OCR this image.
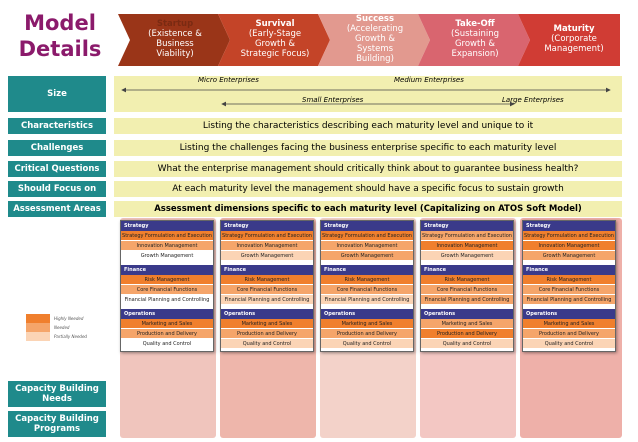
Model
Details
Startup
(Existence & Business Viability)
Survival
(Early-Stage Growth & Strategic Focus)
Success
(Accelerating Growth & Systems Building)
Take-Off
(Sustaining Growth & Expansion)
Maturity
(Corporate Management)
Size
Characteristics
Challenges
Critical Questions
Should Focus on
Assessment Areas
Capacity Building Needs
Capacity Building Programs
Micro Enterprises	Medium Enterprises
Small Enterprises	Large Enterprises
Listing the characteristics describing each maturity level and unique to it
Listing the challenges facing the business enterprise specific to each maturity level
What the enterprise management should critically think about to guarantee business health?
At each maturity level the management should have a specific focus to sustain growth
Assessment dimensions specific to each maturity level (Capitalizing on ATOS Soft Model)
Highly Needed
Needed
Partially Needed
Strategy
Strategy Formulation and Execution
Innovation Management
Growth Management
Finance
Risk Management
Core Financial Functions
Financial Planning and Controlling
Operations
Marketing and Sales
Production and Delivery
Quality and Control
Strategy
Strategy Formulation and Execution
Innovation Management
Growth Management
Finance
Risk Management
Core Financial Functions
Financial Planning and Controlling
Operations
Marketing and Sales
Production and Delivery
Quality and Control
Strategy
Strategy Formulation and Execution
Innovation Management
Growth Management
Finance
Risk Management
Core Financial Functions
Financial Planning and Controlling
Operations
Marketing and Sales
Production and Delivery
Quality and Control
Strategy
Strategy Formulation and Execution
Innovation Management
Growth Management
Finance
Risk Management
Core Financial Functions
Financial Planning and Controlling
Operations
Marketing and Sales
Production and Delivery
Quality and Control
Strategy
Strategy Formulation and Execution
Innovation Management
Growth Management
Finance
Risk Management
Core Financial Functions
Financial Planning and Controlling
Operations
Marketing and Sales
Production and Delivery
Quality and Control
